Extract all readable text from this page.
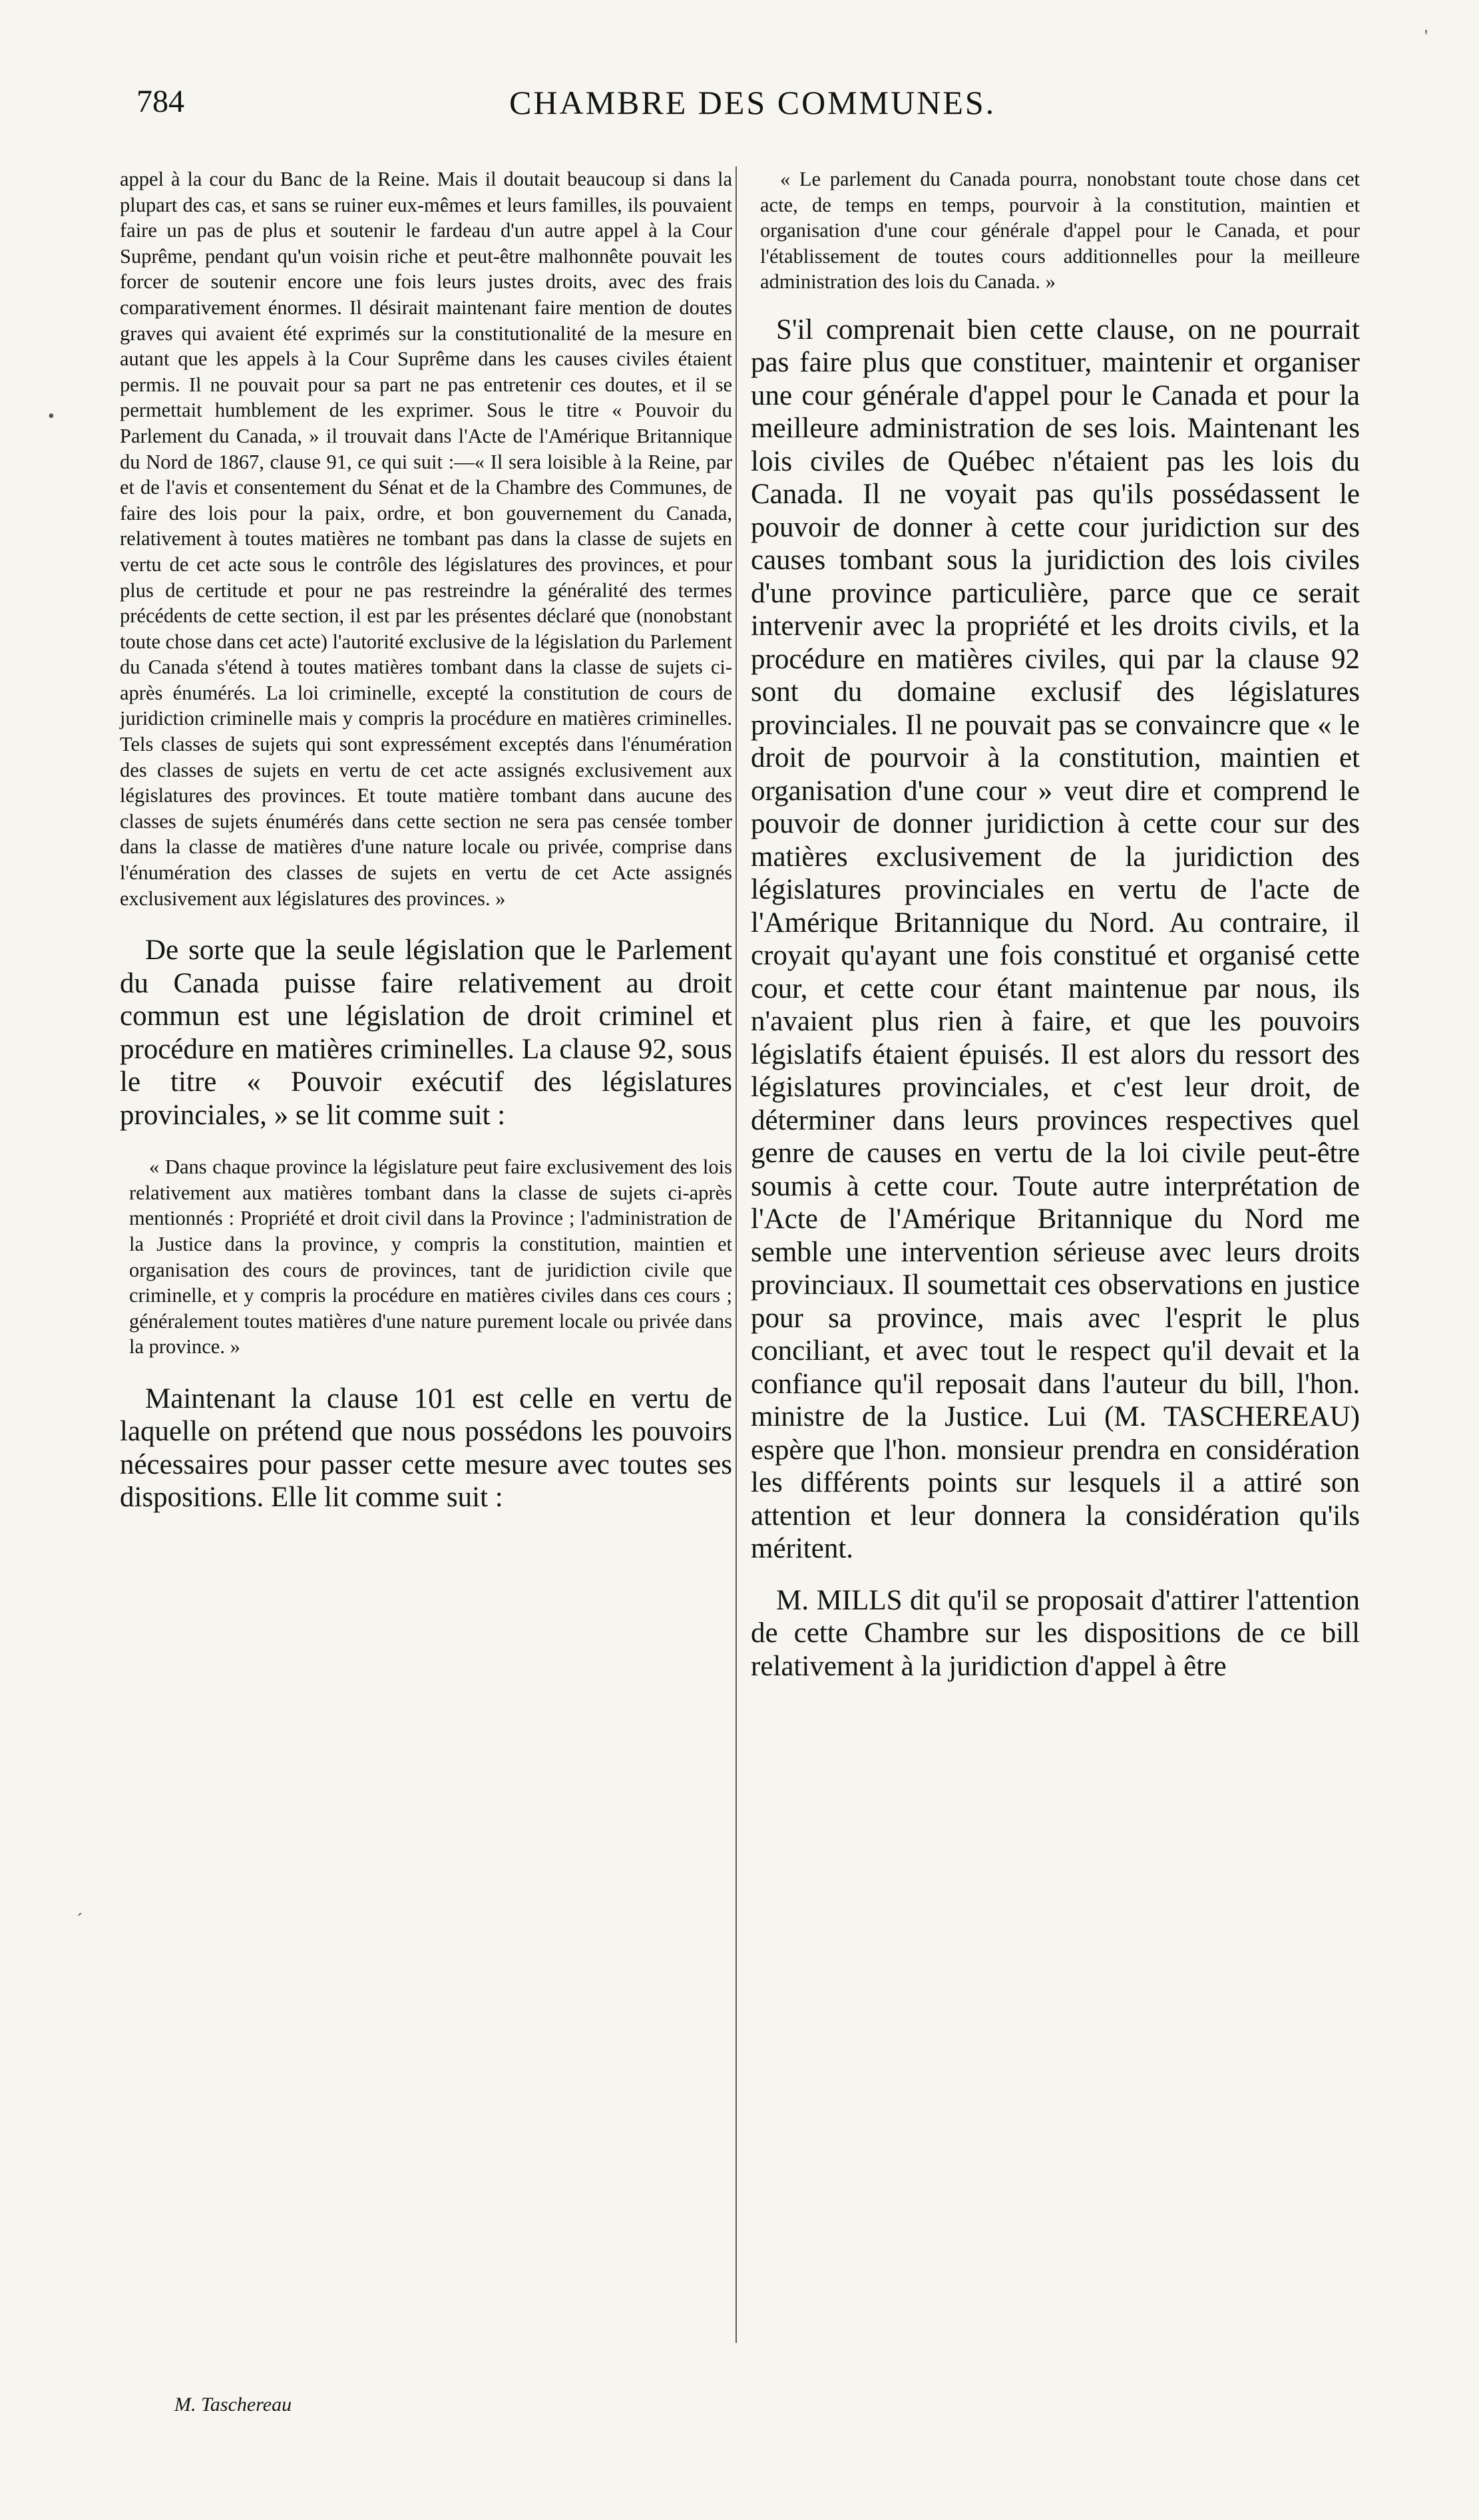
784	CHAMBRE DES COMMUNES.

appel à la cour du Banc de la Reine. Mais il doutait beaucoup si dans la plupart des cas, et sans se ruiner eux-mêmes et leurs familles, ils pouvaient faire un pas de plus et soutenir le fardeau d'un autre appel à la Cour Suprême, pendant qu'un voisin riche et peut-être malhonnête pouvait les forcer de soutenir encore une fois leurs justes droits, avec des frais comparativement énormes. Il désirait maintenant faire mention de doutes graves qui avaient été exprimés sur la constitutionalité de la mesure en autant que les appels à la Cour Suprême dans les causes civiles étaient permis. Il ne pouvait pour sa part ne pas entretenir ces doutes, et il se permettait humblement de les exprimer. Sous le titre « Pouvoir du Parlement du Canada, » il trouvait dans l'Acte de l'Amérique Britannique du Nord de 1867, clause 91, ce qui suit :—« Il sera loisible à la Reine, par et de l'avis et consentement du Sénat et de la Chambre des Communes, de faire des lois pour la paix, ordre, et bon gouvernement du Canada, relativement à toutes matières ne tombant pas dans la classe de sujets en vertu de cet acte sous le contrôle des législatures des provinces, et pour plus de certitude et pour ne pas restreindre la généralité des termes précédents de cette section, il est par les présentes déclaré que (nonobstant toute chose dans cet acte) l'autorité exclusive de la législation du Parlement du Canada s'étend à toutes matières tombant dans la classe de sujets ci-après énumérés. La loi criminelle, excepté la constitution de cours de juridiction criminelle mais y compris la procédure en matières criminelles. Tels classes de sujets qui sont expressément exceptés dans l'énumération des classes de sujets en vertu de cet acte assignés exclusivement aux législatures des provinces. Et toute matière tombant dans aucune des classes de sujets énumérés dans cette section ne sera pas censée tomber dans la classe de matières d'une nature locale ou privée, comprise dans l'énumération des classes de sujets en vertu de cet Acte assignés exclusivement aux législatures des provinces. »

De sorte que la seule législation que le Parlement du Canada puisse faire relativement au droit commun est une législation de droit criminel et procédure en matières criminelles. La clause 92, sous le titre « Pouvoir exécutif des législatures provinciales, » se lit comme suit :

« Dans chaque province la législature peut faire exclusivement des lois relativement aux matières tombant dans la classe de sujets ci-après mentionnés : Propriété et droit civil dans la Province ; l'administration de la Justice dans la province, y compris la constitution, maintien et organisation des cours de provinces, tant de juridiction civile que criminelle, et y compris la procédure en matières civiles dans ces cours ; généralement toutes matières d'une nature purement locale ou privée dans la province. »

Maintenant la clause 101 est celle en vertu de laquelle on prétend que nous possédons les pouvoirs nécessaires pour passer cette mesure avec toutes ses dispositions. Elle lit comme suit :

« Le parlement du Canada pourra, nonobstant toute chose dans cet acte, de temps en temps, pourvoir à la constitution, maintien et organisation d'une cour générale d'appel pour le Canada, et pour l'établissement de toutes cours additionnelles pour la meilleure administration des lois du Canada. »

S'il comprenait bien cette clause, on ne pourrait pas faire plus que constituer, maintenir et organiser une cour générale d'appel pour le Canada et pour la meilleure administration de ses lois. Maintenant les lois civiles de Québec n'étaient pas les lois du Canada. Il ne voyait pas qu'ils possédassent le pouvoir de donner à cette cour juridiction sur des causes tombant sous la juridiction des lois civiles d'une province particulière, parce que ce serait intervenir avec la propriété et les droits civils, et la procédure en matières civiles, qui par la clause 92 sont du domaine exclusif des législatures provinciales. Il ne pouvait pas se convaincre que « le droit de pourvoir à la constitution, maintien et organisation d'une cour » veut dire et comprend le pouvoir de donner juridiction à cette cour sur des matières exclusivement de la juridiction des législatures provinciales en vertu de l'acte de l'Amérique Britannique du Nord. Au contraire, il croyait qu'ayant une fois constitué et organisé cette cour, et cette cour étant maintenue par nous, ils n'avaient plus rien à faire, et que les pouvoirs législatifs étaient épuisés. Il est alors du ressort des législatures provinciales, et c'est leur droit, de déterminer dans leurs provinces respectives quel genre de causes en vertu de la loi civile peut-être soumis à cette cour. Toute autre interprétation de l'Acte de l'Amérique Britannique du Nord me semble une intervention sérieuse avec leurs droits provinciaux. Il soumettait ces observations en justice pour sa province, mais avec l'esprit le plus conciliant, et avec tout le respect qu'il devait et la confiance qu'il reposait dans l'auteur du bill, l'hon. ministre de la Justice. Lui (M. TASCHEREAU) espère que l'hon. monsieur prendra en considération les différents points sur lesquels il a attiré son attention et leur donnera la considération qu'ils méritent.

M. MILLS dit qu'il se proposait d'attirer l'attention de cette Chambre sur les dispositions de ce bill relativement à la juridiction d'appel à être

M. Taschereau
'
•
´
